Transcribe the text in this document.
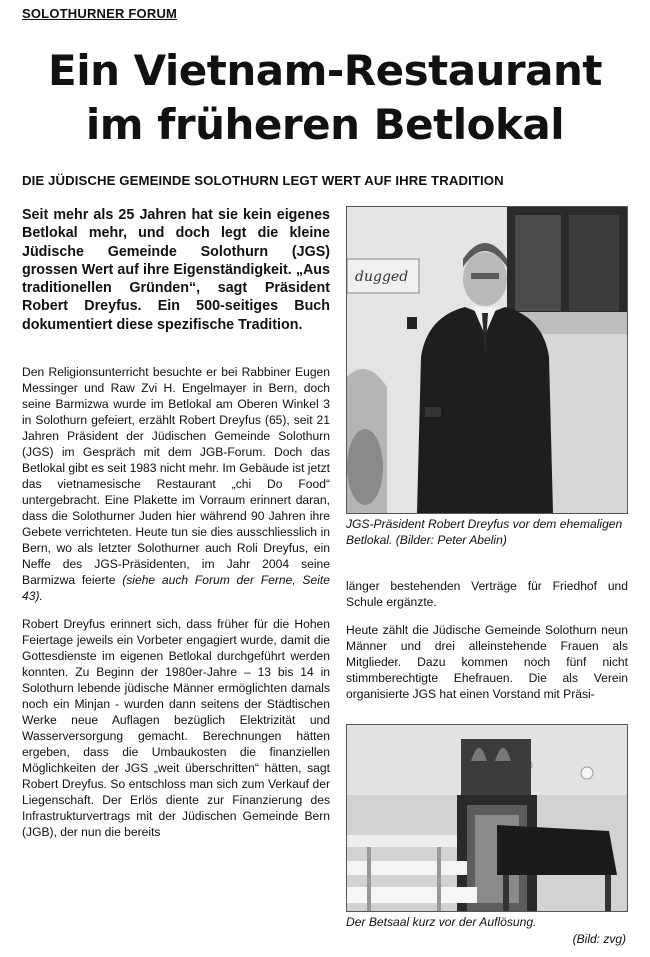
SOLOTHURNER FORUM
Ein Vietnam-Restaurant
im früheren Betlokal
DIE JÜDISCHE GEMEINDE SOLOTHURN LEGT WERT AUF IHRE TRADITION
Seit mehr als 25 Jahren hat sie kein eigenes Betlokal mehr, und doch legt die kleine Jüdische Gemeinde Solothurn (JGS) grossen Wert auf ihre Eigenständigkeit. „Aus traditionellen Gründen“, sagt Präsident Robert Dreyfus. Ein 500-seitiges Buch dokumentiert diese spezifische Tradition.

Den Religionsunterricht besuchte er bei Rabbiner Eugen Messinger und Raw Zvi H. Engelmayer in Bern, doch seine Barmizwa wurde im Betlokal am Oberen Winkel 3 in Solothurn gefeiert, erzählt Robert Dreyfus (65), seit 21 Jahren Präsident der Jüdischen Gemeinde Solothurn (JGS) im Gespräch mit dem JGB-Forum. Doch das Betlokal gibt es seit 1983 nicht mehr. Im Gebäude ist jetzt das vietnamesische Restaurant „chi Do Food“ untergebracht. Eine Plakette im Vorraum erinnert daran, dass die Solothurner Juden hier während 90 Jahren ihre Gebete verrichteten. Heute tun sie dies ausschliesslich in Bern, wo als letzter Solothurner auch Roli Dreyfus, ein Neffe des JGS-Präsidenten, im Jahr 2004 seine Barmizwa feierte (siehe auch Forum der Ferne, Seite 43).

Robert Dreyfus erinnert sich, dass früher für die Hohen Feiertage jeweils ein Vorbeter engagiert wurde, damit die Gottesdienste im eigenen Betlokal durchgeführt werden konnten. Zu Beginn der 1980er-Jahre – 13 bis 14 in Solothurn lebende jüdische Männer ermöglichten damals noch ein Minjan - wurden dann seitens der Städtischen Werke neue Auflagen bezüglich Elektrizität und Wasserversorgung gemacht. Berechnungen hätten ergeben, dass die Umbaukosten die finanziellen Möglichkeiten der JGS „weit überschritten“ hätten, sagt Robert Dreyfus. So entschloss man sich zum Verkauf der Liegenschaft. Der Erlös diente zur Finanzierung des Infrastrukturvertrags mit der Jüdischen Gemeinde Bern (JGB), der nun die bereits

dugged
JGS-Präsident Robert Dreyfus vor dem ehemaligen Betlokal. (Bilder: Peter Abelin)

länger bestehenden Verträge für Friedhof und Schule ergänzte.

Heute zählt die Jüdische Gemeinde Solothurn neun Männer und drei alleinstehende Frauen als Mitglieder. Dazu kommen noch fünf nicht stimmberechtigte Ehefrauen. Die als Verein organisierte JGS hat einen Vorstand mit Präsi-

Der Betsaal kurz vor der Auflösung.
(Bild: zvg)
